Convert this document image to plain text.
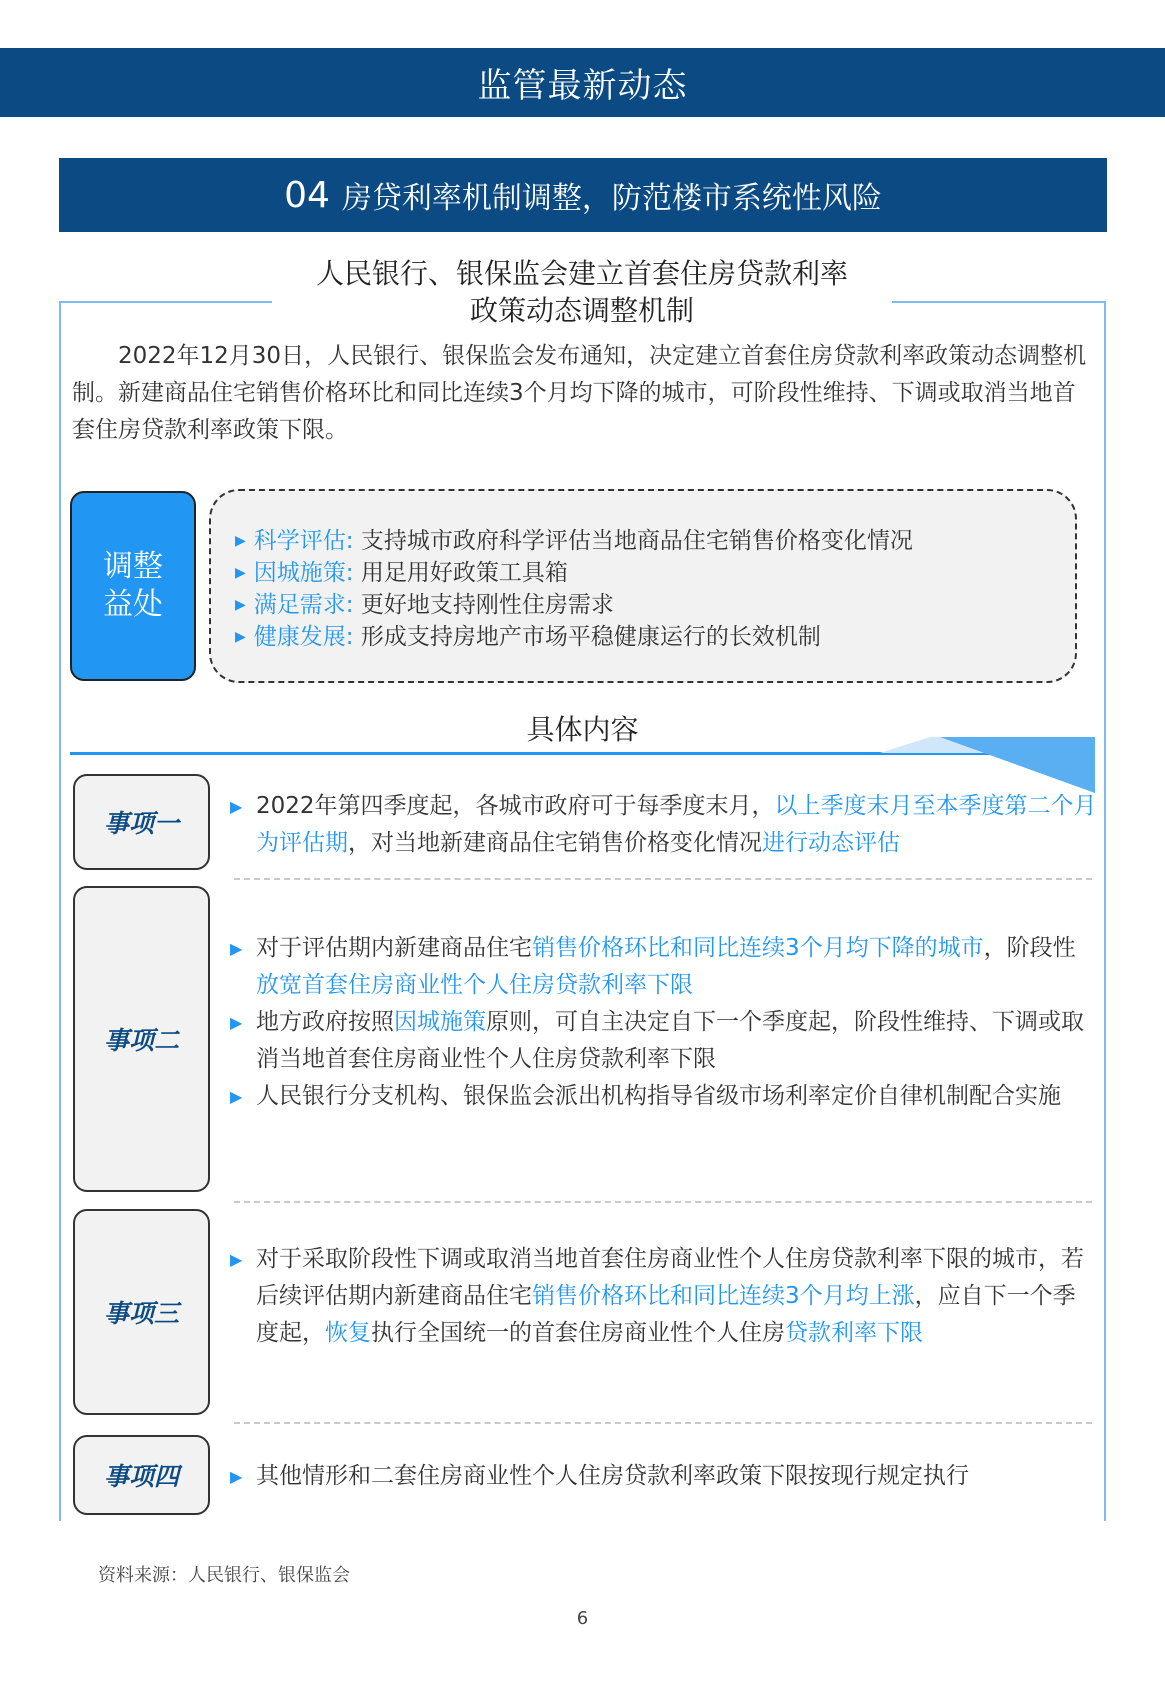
监管最新动态
04 房贷利率机制调整，防范楼市系统性风险
人民银行、银保监会建立首套住房贷款利率
政策动态调整机制
2022年12月30日，人民银行、银保监会发布通知，决定建立首套住房贷款利率政策动态调整机制。新建商品住宅销售价格环比和同比连续3个月均下降的城市，可阶段性维持、下调或取消当地首套住房贷款利率政策下限。
调整
益处
▶ 科学评估: 支持城市政府科学评估当地商品住宅销售价格变化情况
▶ 因城施策: 用足用好政策工具箱
▶ 满足需求: 更好地支持刚性住房需求
▶ 健康发展: 形成支持房地产市场平稳健康运行的长效机制
具体内容
事项一

▶ 2022年第四季度起，各城市政府可于每季度末月，以上季度末月至本季度第二个月为评估期，对当地新建商品住宅销售价格变化情况进行动态评估

事项二

▶ 对于评估期内新建商品住宅销售价格环比和同比连续3个月均下降的城市，阶段性放宽首套住房商业性个人住房贷款利率下限

▶ 地方政府按照因城施策原则，可自主决定自下一个季度起，阶段性维持、下调或取消当地首套住房商业性个人住房贷款利率下限

▶ 人民银行分支机构、银保监会派出机构指导省级市场利率定价自律机制配合实施

事项三

▶ 对于采取阶段性下调或取消当地首套住房商业性个人住房贷款利率下限的城市，若后续评估期内新建商品住宅销售价格环比和同比连续3个月均上涨，应自下一个季度起，恢复执行全国统一的首套住房商业性个人住房贷款利率下限

事项四	▶ 其他情形和二套住房商业性个人住房贷款利率政策下限按现行规定执行

资料来源：人民银行、银保监会
6
